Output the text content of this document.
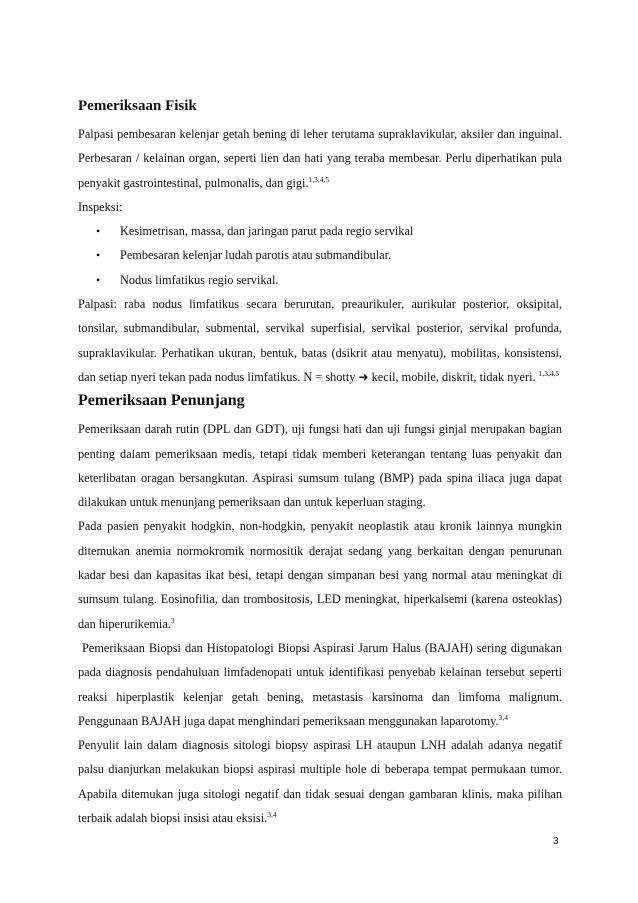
Pemeriksaan Fisik

Palpasi pembesaran kelenjar getah bening di leher terutama supraklavikular, aksiler dan inguinal. Perbesaran / kelainan organ, seperti lien dan hati yang teraba membesar. Perlu diperhatikan pula penyakit gastrointestinal, pulmonalis, dan gigi.$^{1,3,4,5}$

Inspeksi:

• Kesimetrisan, massa, dan jaringan parut pada regio servikal
• Pembesaran kelenjar ludah parotis atau submandibular.
• Nodus limfatikus regio servikal.

Palpasi: raba nodus limfatikus secara berurutan, preaurikuler, aurikular posterior, oksipital, tonsilar, submandibular, submental, servikal superfisial, servikal posterior, servikal profunda, supraklavikular. Perhatikan ukuran, bentuk, batas (dsikrit atau menyatu), mobilitas, konsistensi, dan setiap nyeri tekan pada nodus limfatikus. N = shotty ➜ kecil, mobile, diskrit, tidak nyeri. $^{1,3,4,5}$

Pemeriksaan Penunjang

Pemeriksaan darah rutin (DPL dan GDT), uji fungsi hati dan uji fungsi ginjal merupakan bagian penting dalam pemeriksaan medis, tetapi tidak memberi keterangan tentang luas penyakit dan keterlibatan oragan bersangkutan. Aspirasi sumsum tulang (BMP) pada spina iliaca juga dapat dilakukan untuk menunjang pemeriksaan dan untuk keperluan staging.

Pada pasien penyakit hodgkin, non-hodgkin, penyakit neoplastik atau kronik lainnya mungkin ditemukan anemia normokromik normositik derajat sedang yang berkaitan dengan penurunan kadar besi dan kapasitas ikat besi, tetapi dengan simpanan besi yang normal atau meningkat di sumsum tulang. Eosinofilia, dan trombositosis, LED meningkat, hiperkalsemi (karena osteoklas) dan hiperurikemia.$^3$

Pemeriksaan Biopsi dan Histopatologi Biopsi Aspirasi Jarum Halus (BAJAH) sering digunakan pada diagnosis pendahuluan limfadenopati untuk identifikasi penyebab kelainan tersebut seperti reaksi hiperplastik kelenjar getah bening, metastasis karsinoma dan limfoma malignum. Penggunaan BAJAH juga dapat menghindari pemeriksaan menggunakan laparotomy.$^{3,4}$

Penyulit lain dalam diagnosis sitologi biopsy aspirasi LH ataupun LNH adalah adanya negatif palsu dianjurkan melakukan biopsi aspirasi multiple hole di beberapa tempat permukaan tumor. Apabila ditemukan juga sitologi negatif dan tidak sesuai dengan gambaran klinis, maka pilihan terbaik adalah biopsi insisi atau eksisi.$^{3,4}$

3
